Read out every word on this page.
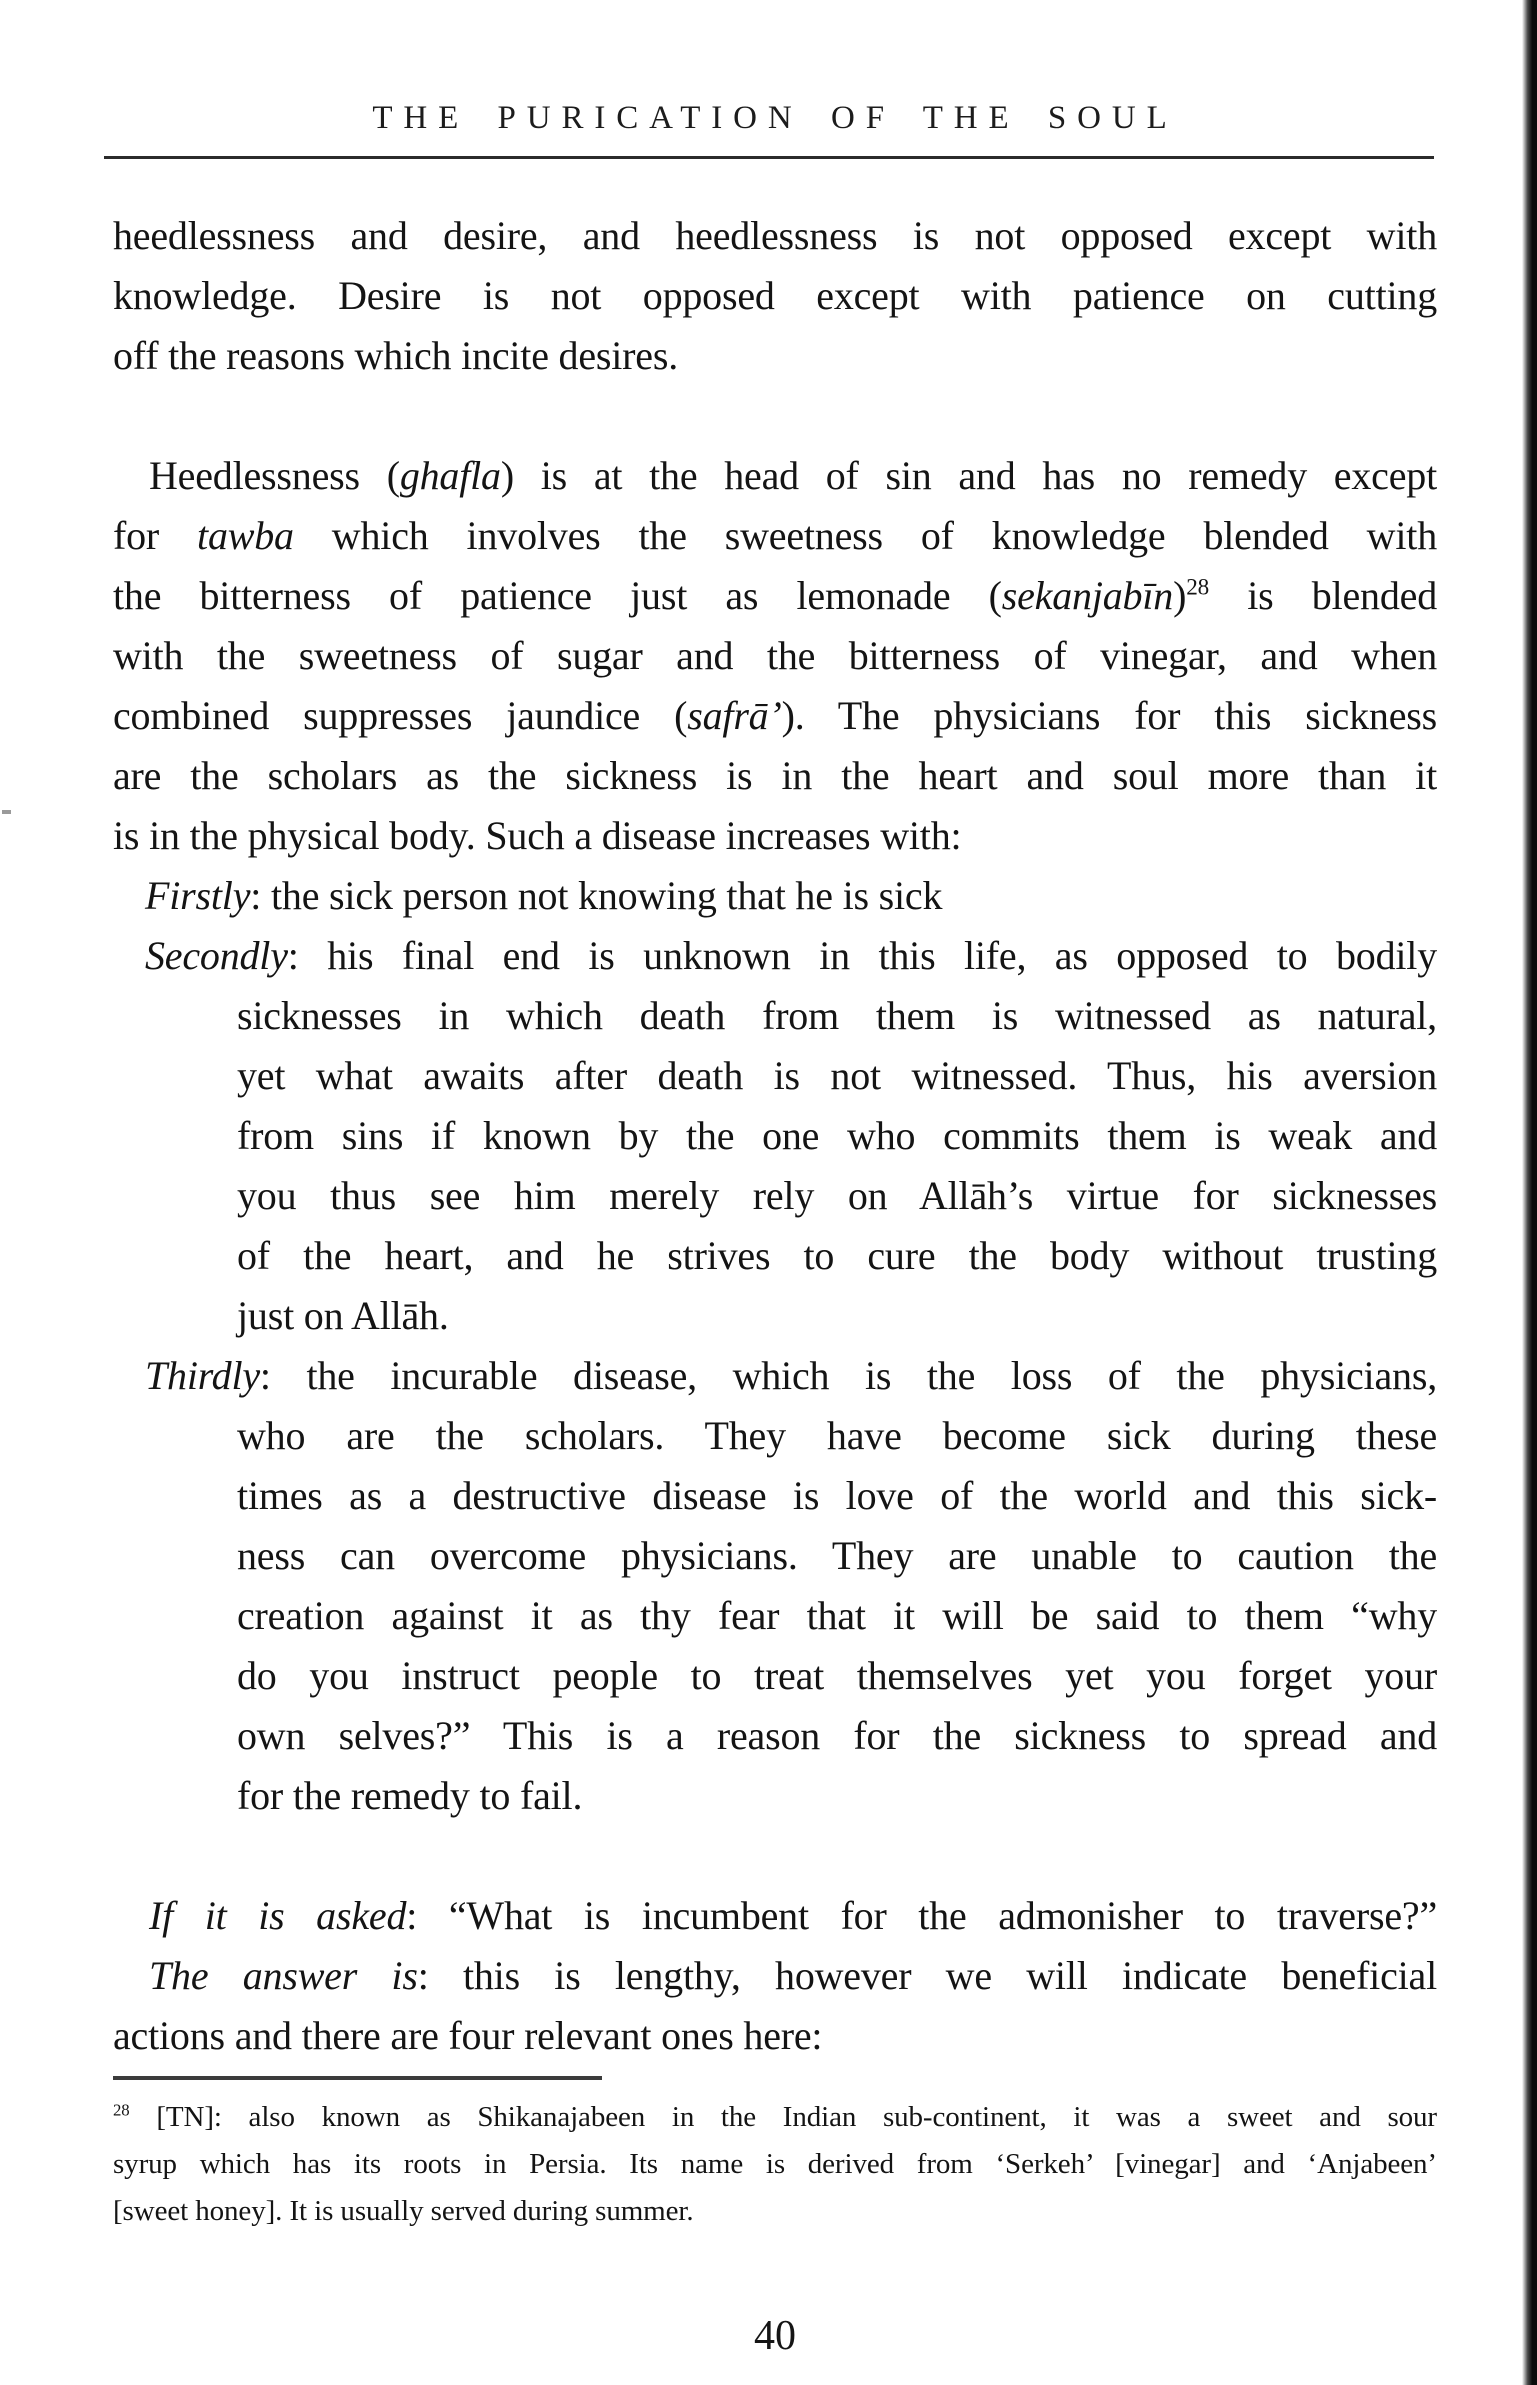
THE PURICATION OF THE SOUL
heedlessness and desire, and heedlessness is not opposed except with
knowledge. Desire is not opposed except with patience on cutting
off the reasons which incite desires.
Heedlessness (ghafla) is at the head of sin and has no remedy except
for tawba which involves the sweetness of knowledge blended with
the bitterness of patience just as lemonade (sekanjabīn)$^{28}$ is blended
with the sweetness of sugar and the bitterness of vinegar, and when
combined suppresses jaundice (safrā’). The physicians for this sickness
are the scholars as the sickness is in the heart and soul more than it
is in the physical body. Such a disease increases with:
Firstly: the sick person not knowing that he is sick
Secondly: his final end is unknown in this life, as opposed to bodily
sicknesses in which death from them is witnessed as natural,
yet what awaits after death is not witnessed. Thus, his aversion
from sins if known by the one who commits them is weak and
you thus see him merely rely on Allāh’s virtue for sicknesses
of the heart, and he strives to cure the body without trusting
just on Allāh.
Thirdly: the incurable disease, which is the loss of the physicians,
who are the scholars. They have become sick during these
times as a destructive disease is love of the world and this sick-
ness can overcome physicians. They are unable to caution the
creation against it as thy fear that it will be said to them “why
do you instruct people to treat themselves yet you forget your
own selves?” This is a reason for the sickness to spread and
for the remedy to fail.
If it is asked: “What is incumbent for the admonisher to traverse?”
The answer is: this is lengthy, however we will indicate beneficial
actions and there are four relevant ones here:
$^{28}$ [TN]: also known as Shikanajabeen in the Indian sub-continent, it was a sweet and sour
syrup which has its roots in Persia. Its name is derived from ‘Serkeh’ [vinegar] and ‘Anjabeen’
[sweet honey]. It is usually served during summer.
40
